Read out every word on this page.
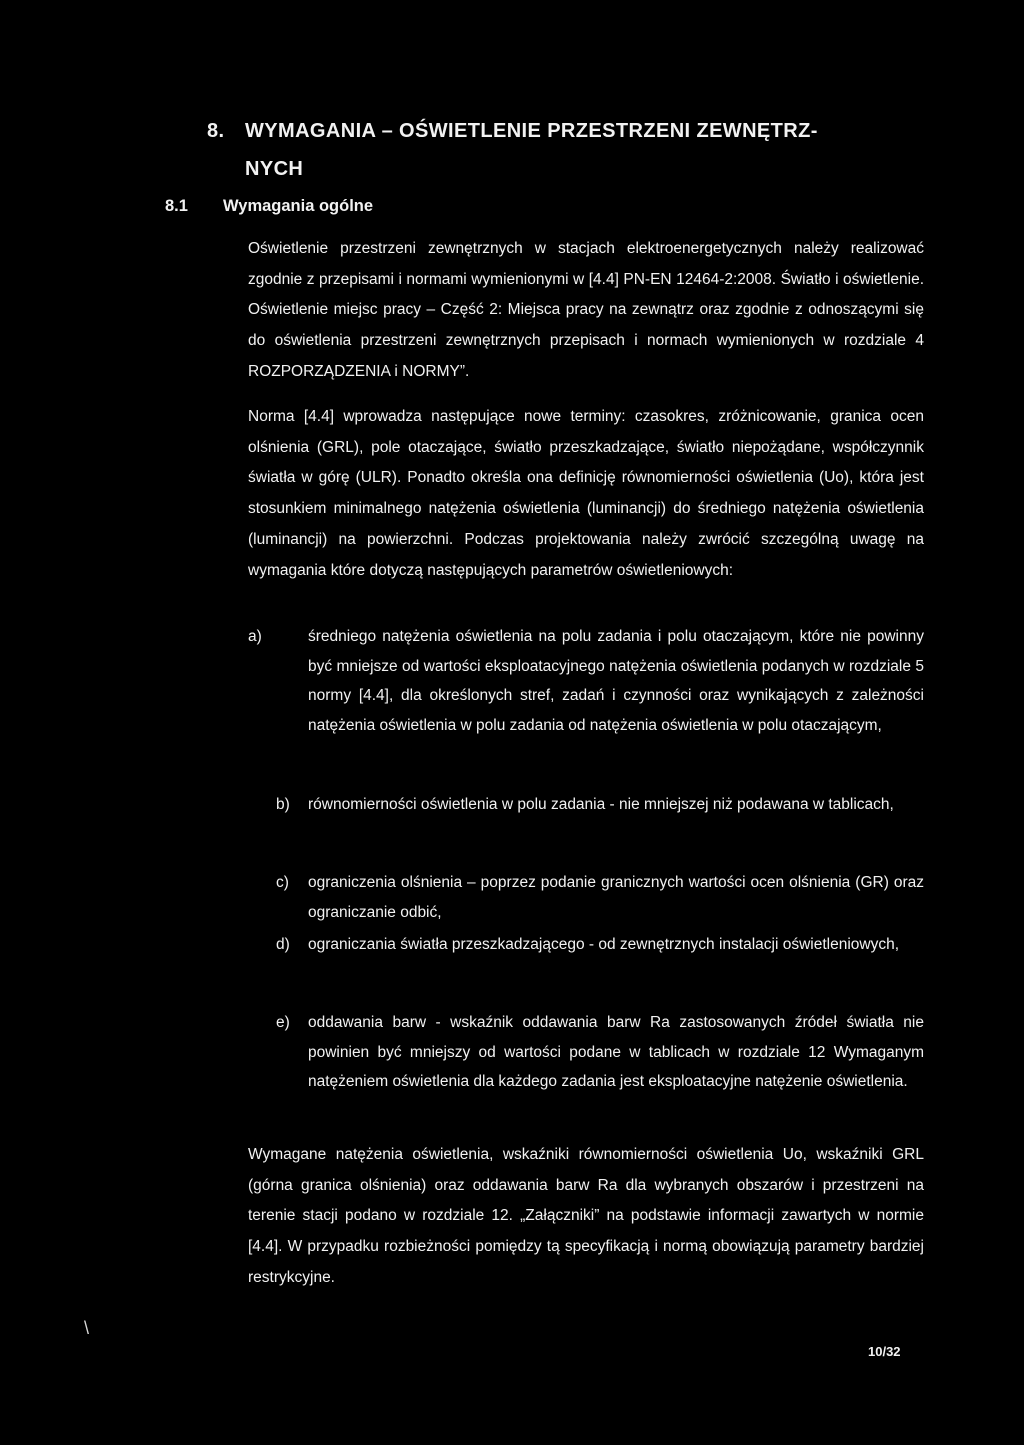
8. WYMAGANIA – OŚWIETLENIE PRZESTRZENI ZEWNĘTRZ-
NYCH
8.1 Wymagania ogólne
Oświetlenie przestrzeni zewnętrznych w stacjach elektroenergetycznych należy realizować zgodnie z przepisami i normami wymienionymi w [4.4] PN-EN 12464-2:2008. Światło i oświetlenie. Oświetlenie miejsc pracy – Część 2: Miejsca pracy na zewnątrz oraz zgodnie z odnoszącymi się do oświetlenia przestrzeni zewnętrznych przepisach i normach wymienionych w rozdziale 4 ROZPORZĄDZENIA i NORMY”.
Norma [4.4] wprowadza następujące nowe terminy: czasokres, zróżnicowanie, granica ocen olśnienia (GRL), pole otaczające, światło przeszkadzające, światło niepożądane, współczynnik światła w górę (ULR). Ponadto określa ona definicję równomierności oświetlenia (Uo), która jest stosunkiem minimalnego natężenia oświetlenia (luminancji) do średniego natężenia oświetlenia (luminancji) na powierzchni. Podczas projektowania należy zwrócić szczególną uwagę na wymagania które dotyczą następujących parametrów oświetleniowych:
a)	średniego natężenia oświetlenia na polu zadania i polu otaczającym, które nie powinny być mniejsze od wartości eksploatacyjnego natężenia oświetlenia podanych w rozdziale 5 normy [4.4], dla określonych stref, zadań i czynności oraz wynikających z zależności natężenia oświetlenia w polu zadania od natężenia oświetlenia w polu otaczającym,
b)	równomierności oświetlenia w polu zadania - nie mniejszej niż podawana w tablicach,
c)	ograniczenia olśnienia – poprzez podanie granicznych wartości ocen olśnienia (GR) oraz ograniczanie odbić,
d)	ograniczania światła przeszkadzającego - od zewnętrznych instalacji oświetleniowych,
e)	oddawania barw - wskaźnik oddawania barw Ra zastosowanych źródeł światła nie powinien być mniejszy od wartości podane w tablicach w rozdziale 12 Wymaganym natężeniem oświetlenia dla każdego zadania jest eksploatacyjne natężenie oświetlenia.
Wymagane natężenia oświetlenia, wskaźniki równomierności oświetlenia Uo, wskaźniki GRL (górna granica olśnienia) oraz oddawania barw Ra dla wybranych obszarów i przestrzeni na terenie stacji podano w rozdziale 12. „Załączniki” na podstawie informacji zawartych w normie [4.4]. W przypadku rozbieżności pomiędzy tą specyfikacją i normą obowiązują parametry bardziej restrykcyjne.
\
10/32
